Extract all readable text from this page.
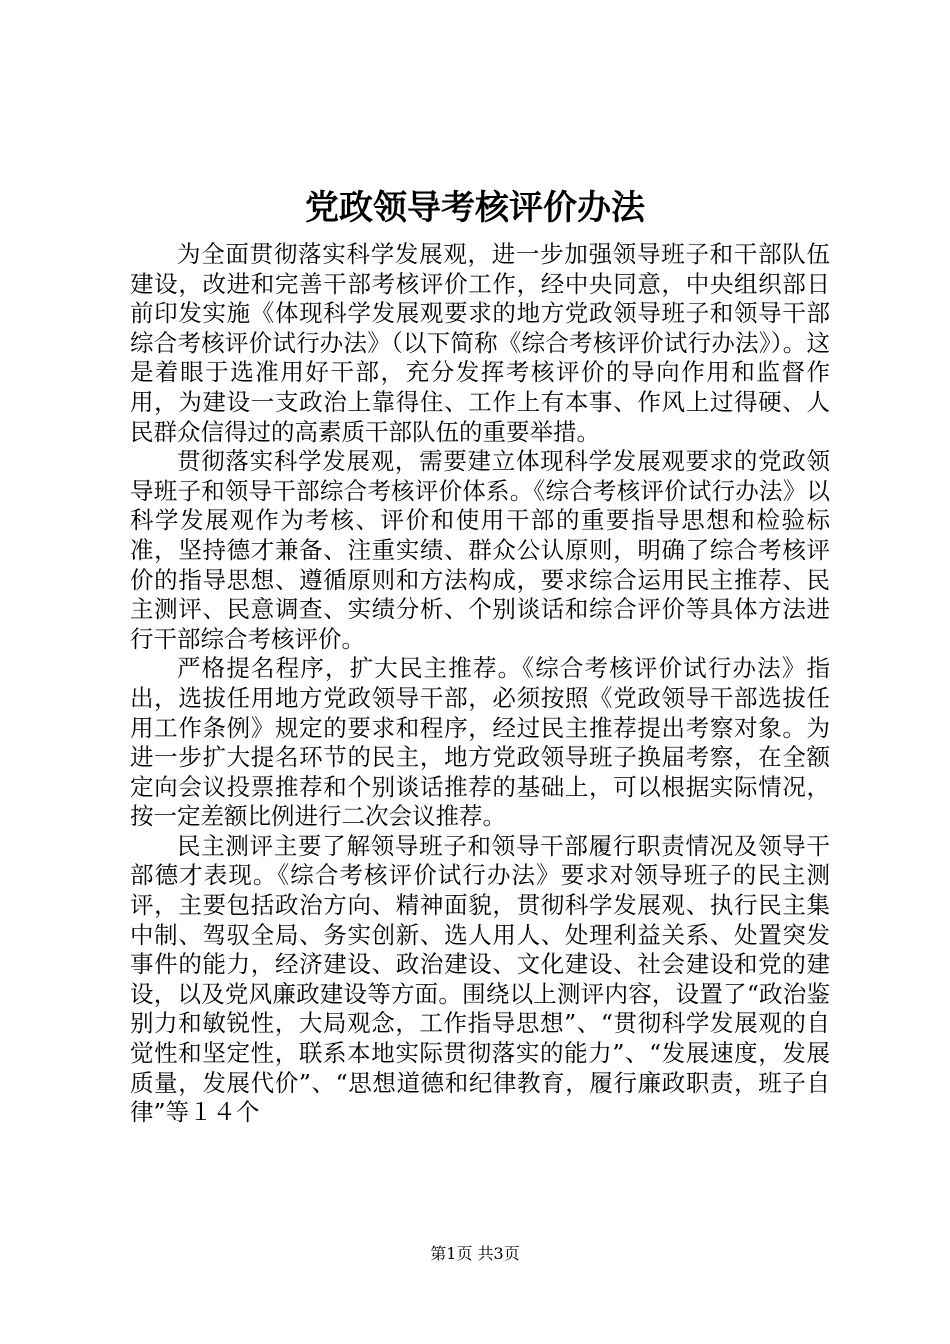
党政领导考核评价办法

为全面贯彻落实科学发展观，进一步加强领导班子和干部队伍建设，改进和完善干部考核评价工作，经中央同意，中央组织部日前印发实施《体现科学发展观要求的地方党政领导班子和领导干部综合考核评价试行办法》（以下简称《综合考核评价试行办法》）。这是着眼于选准用好干部，充分发挥考核评价的导向作用和监督作用，为建设一支政治上靠得住、工作上有本事、作风上过得硬、人民群众信得过的高素质干部队伍的重要举措。

贯彻落实科学发展观，需要建立体现科学发展观要求的党政领导班子和领导干部综合考核评价体系。《综合考核评价试行办法》以科学发展观作为考核、评价和使用干部的重要指导思想和检验标准，坚持德才兼备、注重实绩、群众公认原则，明确了综合考核评价的指导思想、遵循原则和方法构成，要求综合运用民主推荐、民主测评、民意调查、实绩分析、个别谈话和综合评价等具体方法进行干部综合考核评价。

严格提名程序，扩大民主推荐。《综合考核评价试行办法》指出，选拔任用地方党政领导干部，必须按照《党政领导干部选拔任用工作条例》规定的要求和程序，经过民主推荐提出考察对象。为进一步扩大提名环节的民主，地方党政领导班子换届考察，在全额定向会议投票推荐和个别谈话推荐的基础上，可以根据实际情况，按一定差额比例进行二次会议推荐。

民主测评主要了解领导班子和领导干部履行职责情况及领导干部德才表现。《综合考核评价试行办法》要求对领导班子的民主测评，主要包括政治方向、精神面貌，贯彻科学发展观、执行民主集中制、驾驭全局、务实创新、选人用人、处理利益关系、处置突发事件的能力，经济建设、政治建设、文化建设、社会建设和党的建设，以及党风廉政建设等方面。围绕以上测评内容，设置了“政治鉴别力和敏锐性，大局观念，工作指导思想”、“贯彻科学发展观的自觉性和坚定性，联系本地实际贯彻落实的能力”、“发展速度，发展质量，发展代价”、“思想道德和纪律教育，履行廉政职责，班子自律”等１４个

第1页 共3页
